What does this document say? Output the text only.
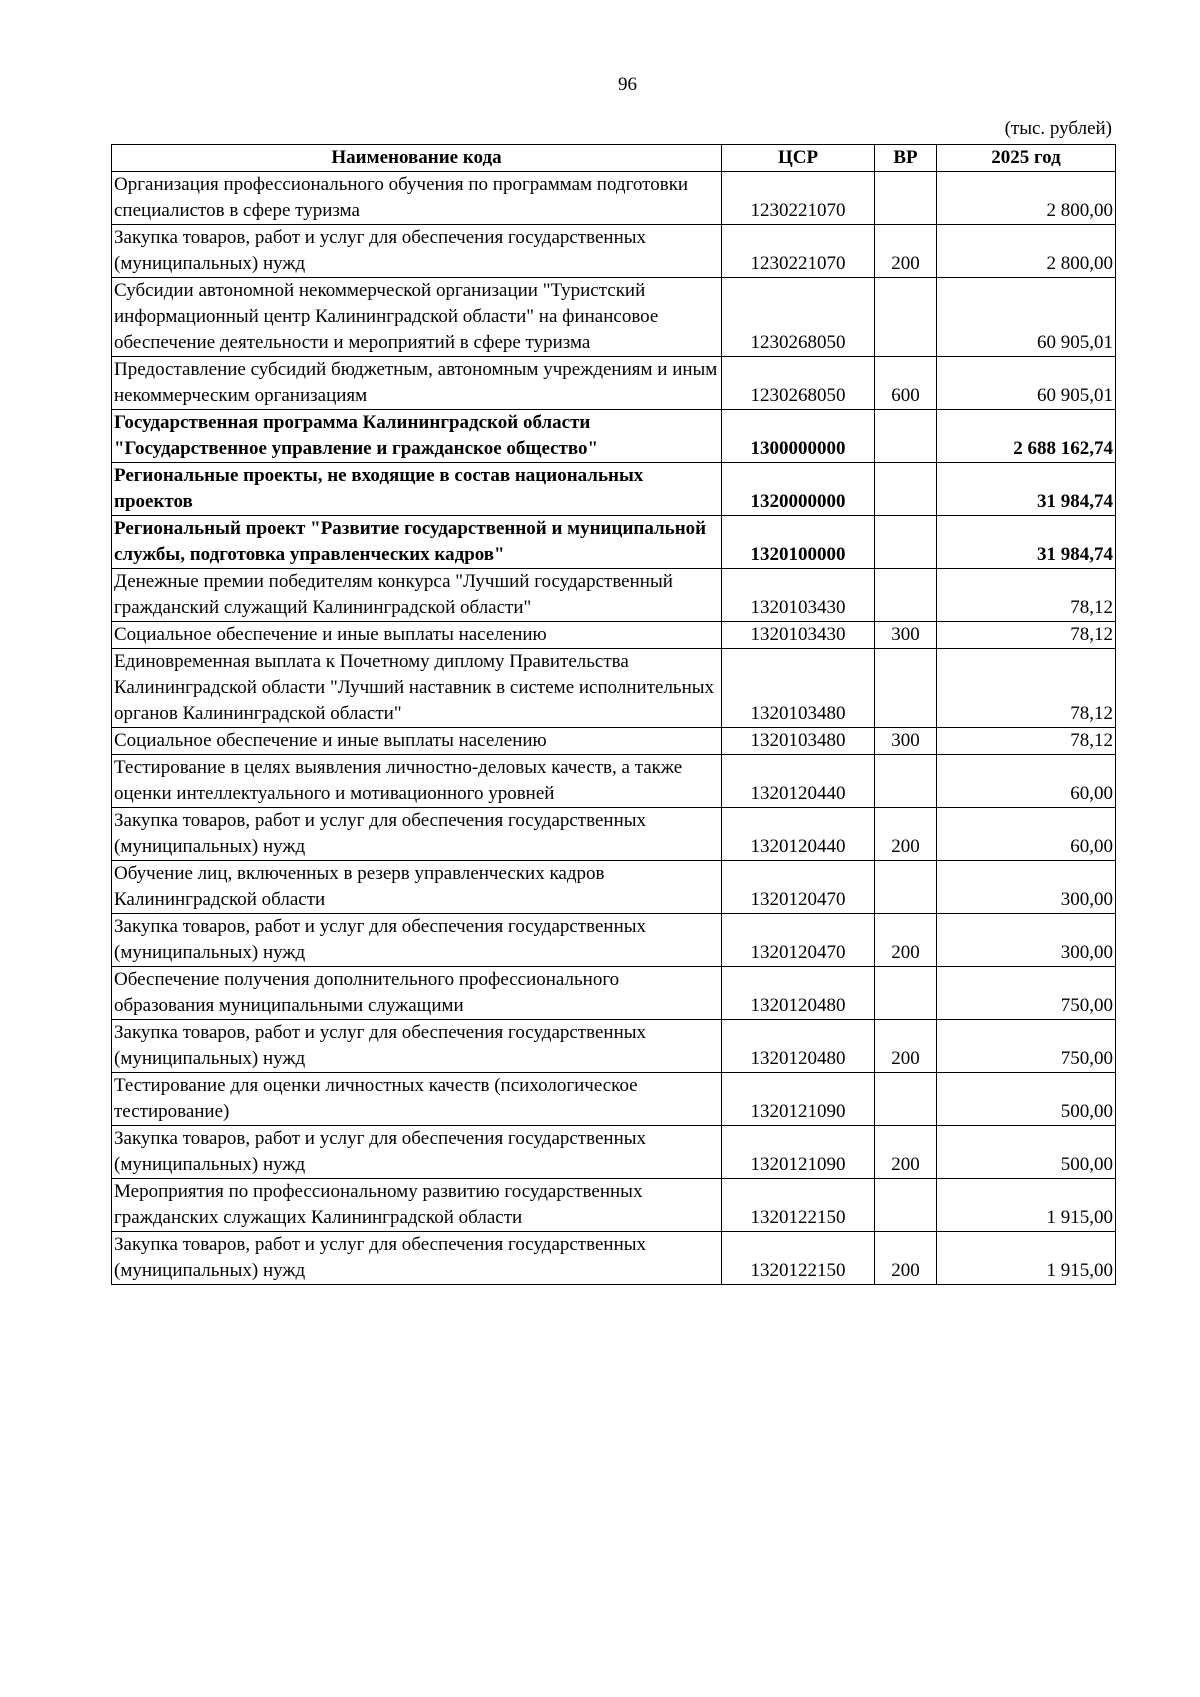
96
(тыс. рублей)
Наименование кода	ЦСР	ВР	2025 год
Организация профессионального обучения по программам подготовки специалистов в сфере туризма	1230221070		2 800,00
Закупка товаров, работ и услуг для обеспечения государственных (муниципальных) нужд	1230221070	200	2 800,00
Субсидии автономной некоммерческой организации "Туристский информационный центр Калининградской области" на финансовое обеспечение деятельности и мероприятий в сфере туризма	1230268050		60 905,01
Предоставление субсидий бюджетным, автономным учреждениям и иным некоммерческим организациям	1230268050	600	60 905,01
Государственная программа Калининградской области "Государственное управление и гражданское общество"	1300000000		2 688 162,74
Региональные проекты, не входящие в состав национальных проектов	1320000000		31 984,74
Региональный проект "Развитие государственной и муниципальной службы, подготовка управленческих кадров"	1320100000		31 984,74
Денежные премии победителям конкурса "Лучший государственный гражданский служащий Калининградской области"	1320103430		78,12
Социальное обеспечение и иные выплаты населению	1320103430	300	78,12
Единовременная выплата к Почетному диплому Правительства Калининградской области "Лучший наставник в системе исполнительных органов Калининградской области"	1320103480		78,12
Социальное обеспечение и иные выплаты населению	1320103480	300	78,12
Тестирование в целях выявления личностно-деловых качеств, а также оценки интеллектуального и мотивационного уровней	1320120440		60,00
Закупка товаров, работ и услуг для обеспечения государственных (муниципальных) нужд	1320120440	200	60,00
Обучение лиц, включенных в резерв управленческих кадров Калининградской области	1320120470		300,00
Закупка товаров, работ и услуг для обеспечения государственных (муниципальных) нужд	1320120470	200	300,00
Обеспечение получения дополнительного профессионального образования муниципальными служащими	1320120480		750,00
Закупка товаров, работ и услуг для обеспечения государственных (муниципальных) нужд	1320120480	200	750,00
Тестирование для оценки личностных качеств (психологическое тестирование)	1320121090		500,00
Закупка товаров, работ и услуг для обеспечения государственных (муниципальных) нужд	1320121090	200	500,00
Мероприятия по профессиональному развитию государственных гражданских служащих Калининградской области	1320122150		1 915,00
Закупка товаров, работ и услуг для обеспечения государственных (муниципальных) нужд	1320122150	200	1 915,00
